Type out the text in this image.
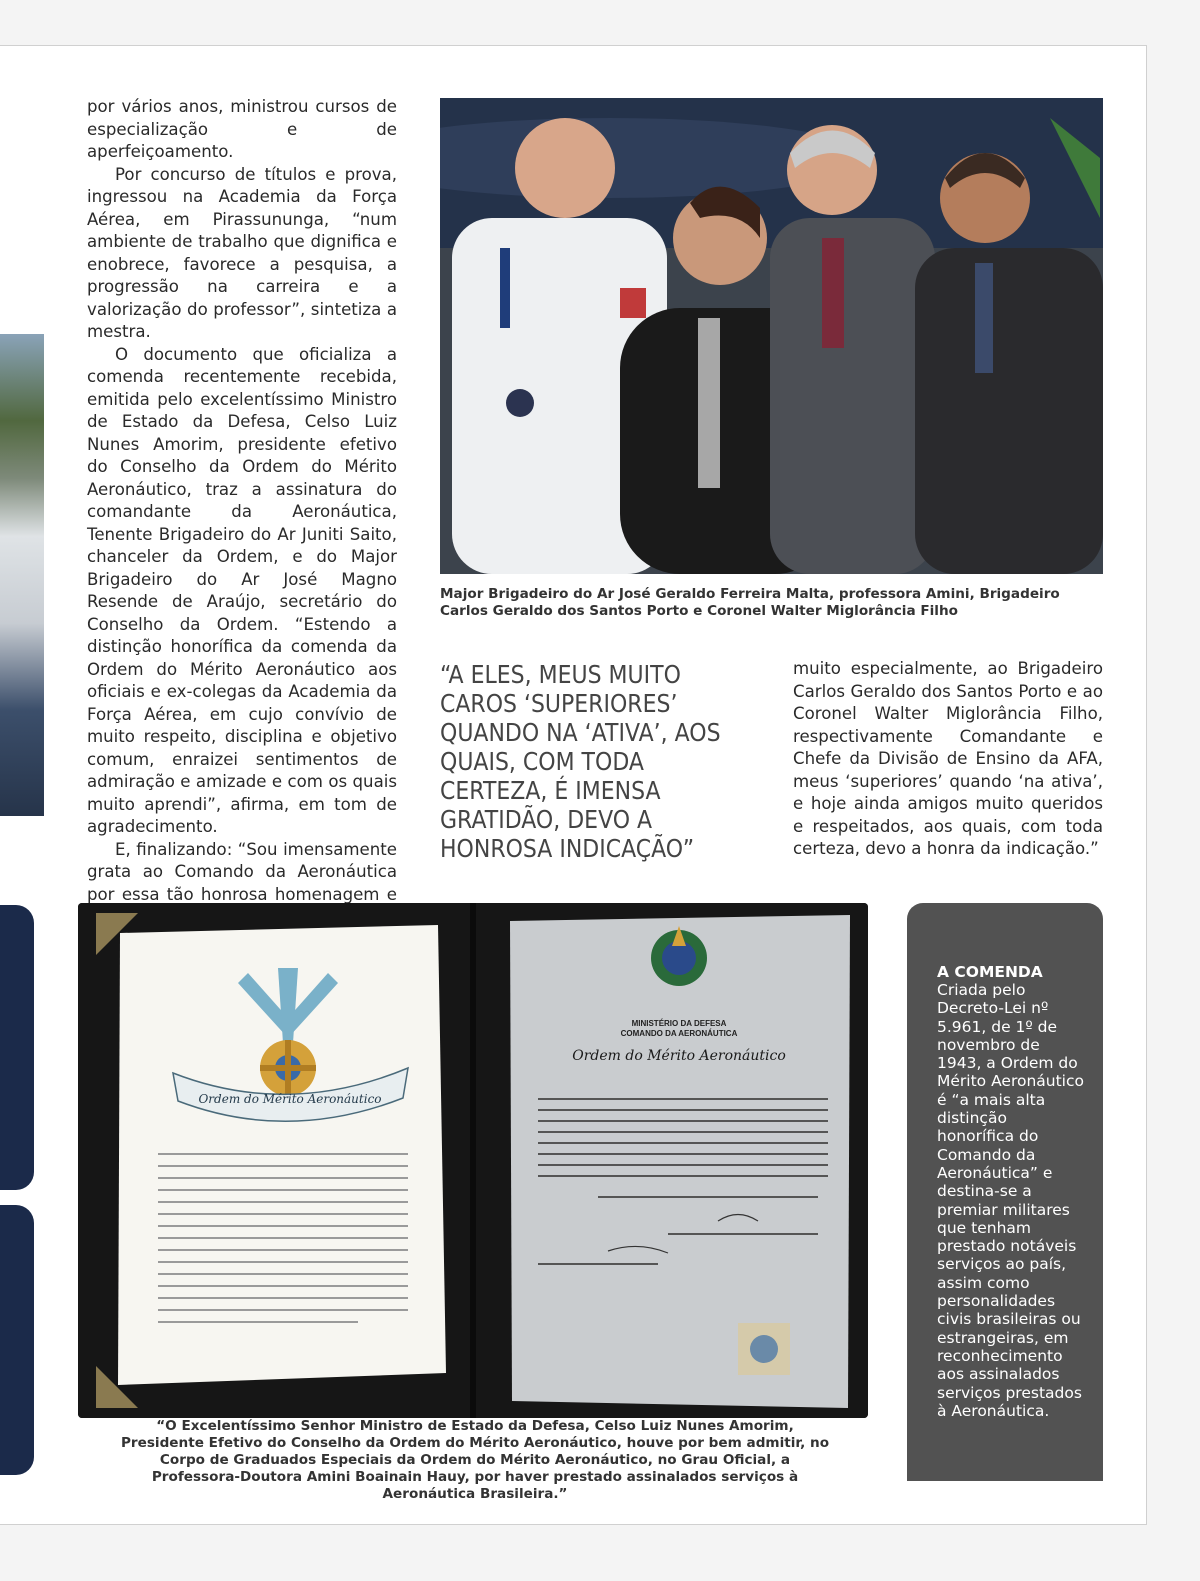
por vários anos, ministrou cursos de especialização e de aperfeiçoamento.

Por concurso de títulos e prova, ingressou na Academia da Força Aérea, em Pirassununga, “num ambiente de trabalho que dignifica e enobrece, favorece a pesquisa, a progressão na carreira e a valorização do professor”, sintetiza a mestra.

O documento que oficializa a comenda recentemente recebida, emitida pelo excelentíssimo Ministro de Estado da Defesa, Celso Luiz Nunes Amorim, presidente efetivo do Conselho da Ordem do Mérito Aeronáutico, traz a assinatura do comandante da Aeronáutica, Tenente Brigadeiro do Ar Juniti Saito, chanceler da Ordem, e do Major Brigadeiro do Ar José Magno Resende de Araújo, secretário do Conselho da Ordem. “Estendo a distinção honorífica da comenda da Ordem do Mérito Aeronáutico aos oficiais e ex-colegas da Academia da Força Aérea, em cujo convívio de muito respeito, disciplina e objetivo comum, enraizei sentimentos de admiração e amizade e com os quais muito aprendi”, afirma, em tom de agradecimento.

E, finalizando: “Sou imensamente grata ao Comando da Aeronáutica por essa tão honrosa homenagem e

Major Brigadeiro do Ar José Geraldo Ferreira Malta, professora Amini, Brigadeiro Carlos Geraldo dos Santos Porto e Coronel Walter Miglorância Filho
“A ELES, MEUS MUITO CAROS ‘SUPERIORES’ QUANDO NA ‘ATIVA’, AOS QUAIS, COM TODA CERTEZA, É IMENSA GRATIDÃO, DEVO A HONROSA INDICAÇÃO”
muito especialmente, ao Brigadeiro Carlos Geraldo dos Santos Porto e ao Coronel Walter Miglorância Filho, respectivamente Comandante e Chefe da Divisão de Ensino da AFA, meus ‘superiores’ quando ‘na ativa’, e hoje ainda amigos muito queridos e respeitados, aos quais, com toda certeza, devo a honra da indicação.”
Ordem do Mérito Aeronáutico
MINISTÉRIO DA DEFESA
COMANDO DA AERONÁUTICA
Ordem do Mérito Aeronáutico
“O Excelentíssimo Senhor Ministro de Estado da Defesa, Celso Luiz Nunes Amorim, Presidente Efetivo do Conselho da Ordem do Mérito Aeronáutico, houve por bem admitir, no Corpo de Graduados Especiais da Ordem do Mérito Aeronáutico, no Grau Oficial, a Professora-Doutora Amini Boainain Hauy, por haver prestado assinalados serviços à Aeronáutica Brasileira.”
A COMENDA
Criada pelo Decreto-Lei nº 5.961, de 1º de novembro de 1943, a Ordem do Mérito Aeronáutico é “a mais alta distinção honorífica do Comando da Aeronáutica” e destina-se a premiar militares que tenham prestado notáveis serviços ao país, assim como personalidades civis brasileiras ou estrangeiras, em reconhecimento aos assinalados serviços prestados à Aeronáutica.
